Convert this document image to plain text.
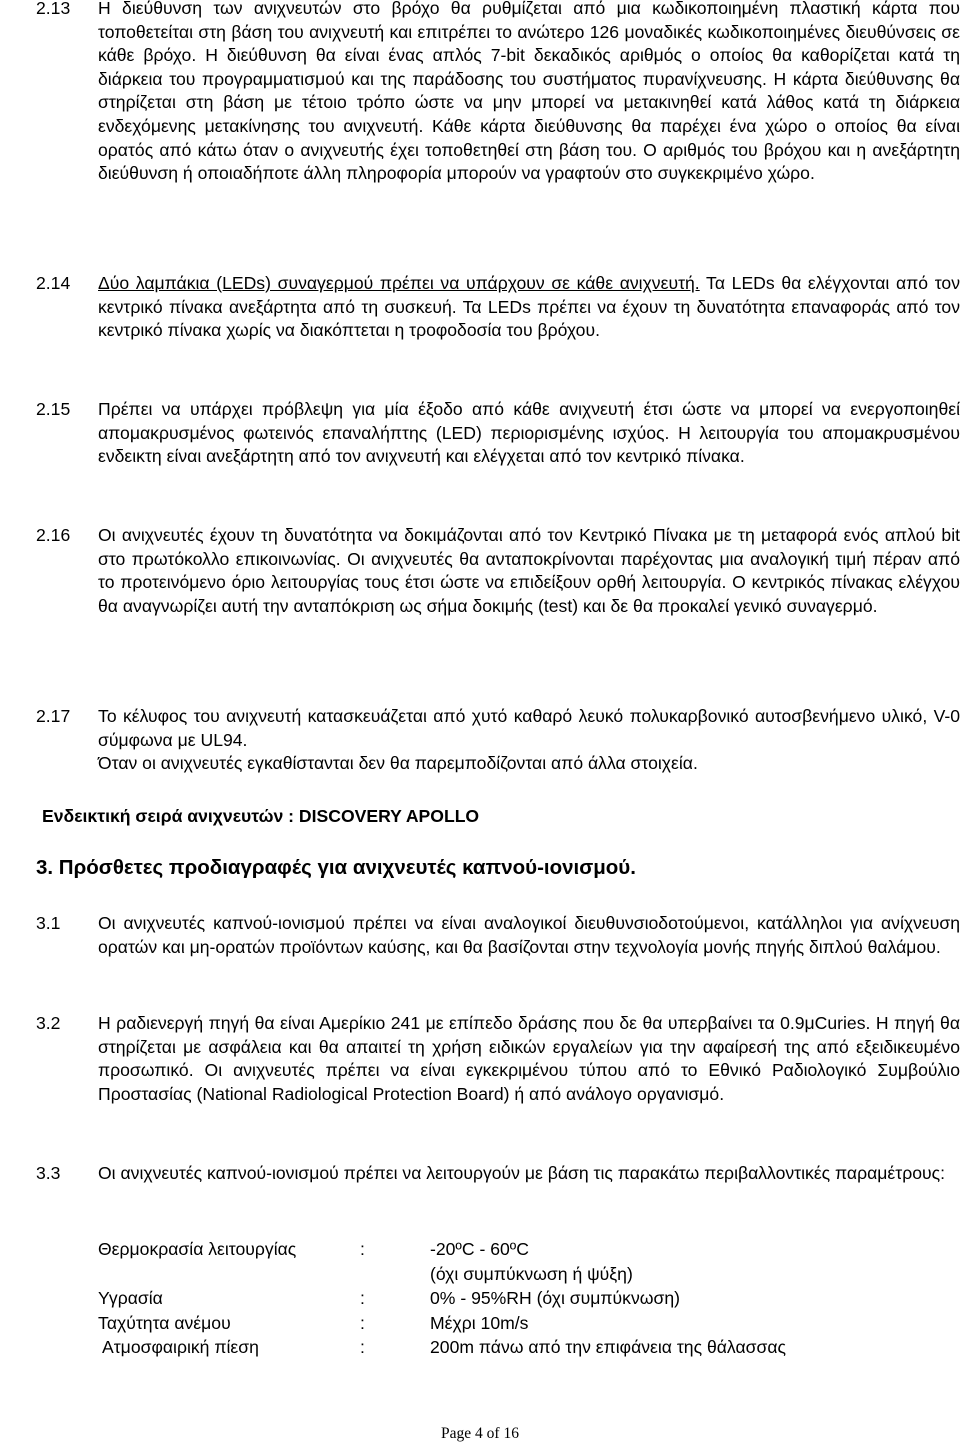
2.13	Η διεύθυνση των ανιχνευτών στο βρόχο θα ρυθμίζεται από μια κωδικοποιημένη πλαστική κάρτα που τοποθετείται στη βάση του ανιχνευτή και επιτρέπει το ανώτερο 126 μοναδικές κωδικοποιημένες διευθύνσεις σε κάθε βρόχο. Η διεύθυνση θα είναι ένας απλός 7-bit δεκαδικός αριθμός ο οποίος θα καθορίζεται κατά τη διάρκεια του προγραμματισμού και της παράδοσης του συστήματος πυρανίχνευσης. Η κάρτα διεύθυνσης θα στηρίζεται στη βάση με τέτοιο τρόπο ώστε να μην μπορεί να μετακινηθεί κατά λάθος κατά τη διάρκεια ενδεχόμενης μετακίνησης του ανιχνευτή. Κάθε κάρτα διεύθυνσης θα παρέχει ένα χώρο ο οποίος θα είναι ορατός από κάτω όταν ο ανιχνευτής έχει τοποθετηθεί στη βάση του. Ο αριθμός του βρόχου και η ανεξάρτητη διεύθυνση ή οποιαδήποτε άλλη πληροφορία μπορούν να γραφτούν στο συγκεκριμένο χώρο.

2.14	Δύο λαμπάκια (LEDs) συναγερμού πρέπει να υπάρχουν σε κάθε ανιχνευτή. Τα LEDs θα ελέγχονται από τον κεντρικό πίνακα ανεξάρτητα από τη συσκευή. Τα LEDs πρέπει να έχουν τη δυνατότητα επαναφοράς από τον κεντρικό πίνακα χωρίς να διακόπτεται η τροφοδοσία του βρόχου.

2.15	Πρέπει να υπάρχει πρόβλεψη για μία έξοδο από κάθε ανιχνευτή έτσι ώστε να μπορεί να ενεργοποιηθεί απομακρυσμένος φωτεινός επαναλήπτης (LED) περιορισμένης ισχύος. Η λειτουργία του απομακρυσμένου ενδεικτη είναι ανεξάρτητη από τον ανιχνευτή και ελέγχεται από τον κεντρικό πίνακα.

2.16	Οι ανιχνευτές έχουν τη δυνατότητα να δοκιμάζονται από τον Κεντρικό Πίνακα με τη μεταφορά ενός απλού bit στο πρωτόκολλο επικοινωνίας. Οι ανιχνευτές θα ανταποκρίνονται παρέχοντας μια αναλογική τιμή πέραν από το προτεινόμενο όριο λειτουργίας τους έτσι ώστε να επιδείξουν ορθή λειτουργία. Ο κεντρικός πίνακας ελέγχου θα αναγνωρίζει αυτή την ανταπόκριση ως σήμα δοκιμής (test) και δε θα προκαλεί γενικό συναγερμό.

2.17	Το κέλυφος του ανιχνευτή κατασκευάζεται από χυτό καθαρό λευκό πολυκαρβονικό αυτοσβενήμενο υλικό, V-0 σύμφωνα με UL94.

Όταν οι ανιχνευτές εγκαθίστανται δεν θα παρεμποδίζονται από άλλα στοιχεία.

Ενδεικτική σειρά ανιχνευτών : DISCOVERY APOLLO
3. Πρόσθετες προδιαγραφές για ανιχνευτές καπνού-ιονισμού.
3.1	Οι ανιχνευτές καπνού-ιονισμού πρέπει να είναι αναλογικοί διευθυνσιοδοτούμενοι, κατάλληλοι για ανίχνευση ορατών και μη-ορατών προϊόντων καύσης, και θα βασίζονται στην τεχνολογία μονής πηγής διπλού θαλάμου.

3.2	Η ραδιενεργή πηγή θα είναι Αμερίκιο 241 με επίπεδο δράσης που δε θα υπερβαίνει τα 0.9μCuries. Η πηγή θα στηρίζεται με ασφάλεια και θα απαιτεί τη χρήση ειδικών εργαλείων για την αφαίρεσή της από εξειδικευμένο προσωπικό. Οι ανιχνευτές πρέπει να είναι εγκεκριμένου τύπου από το Εθνικό Ραδιολογικό Συμβούλιο Προστασίας (National Radiological Protection Board) ή από ανάλογο οργανισμό.

3.3	Οι ανιχνευτές καπνού-ιονισμού πρέπει να λειτουργούν με βάση τις παρακάτω περιβαλλοντικές παραμέτρους:

Θερμοκρασία λειτουργίας	:	-20ºC - 60ºC
(όχι συμπύκνωση ή ψύξη)
Υγρασία	:	0% - 95%RH (όχι συμπύκνωση)
Ταχύτητα ανέμου	:	Μέχρι 10m/s
Ατμοσφαιρική πίεση	:	200m πάνω από την επιφάνεια της θάλασσας
Page 4 of 16
